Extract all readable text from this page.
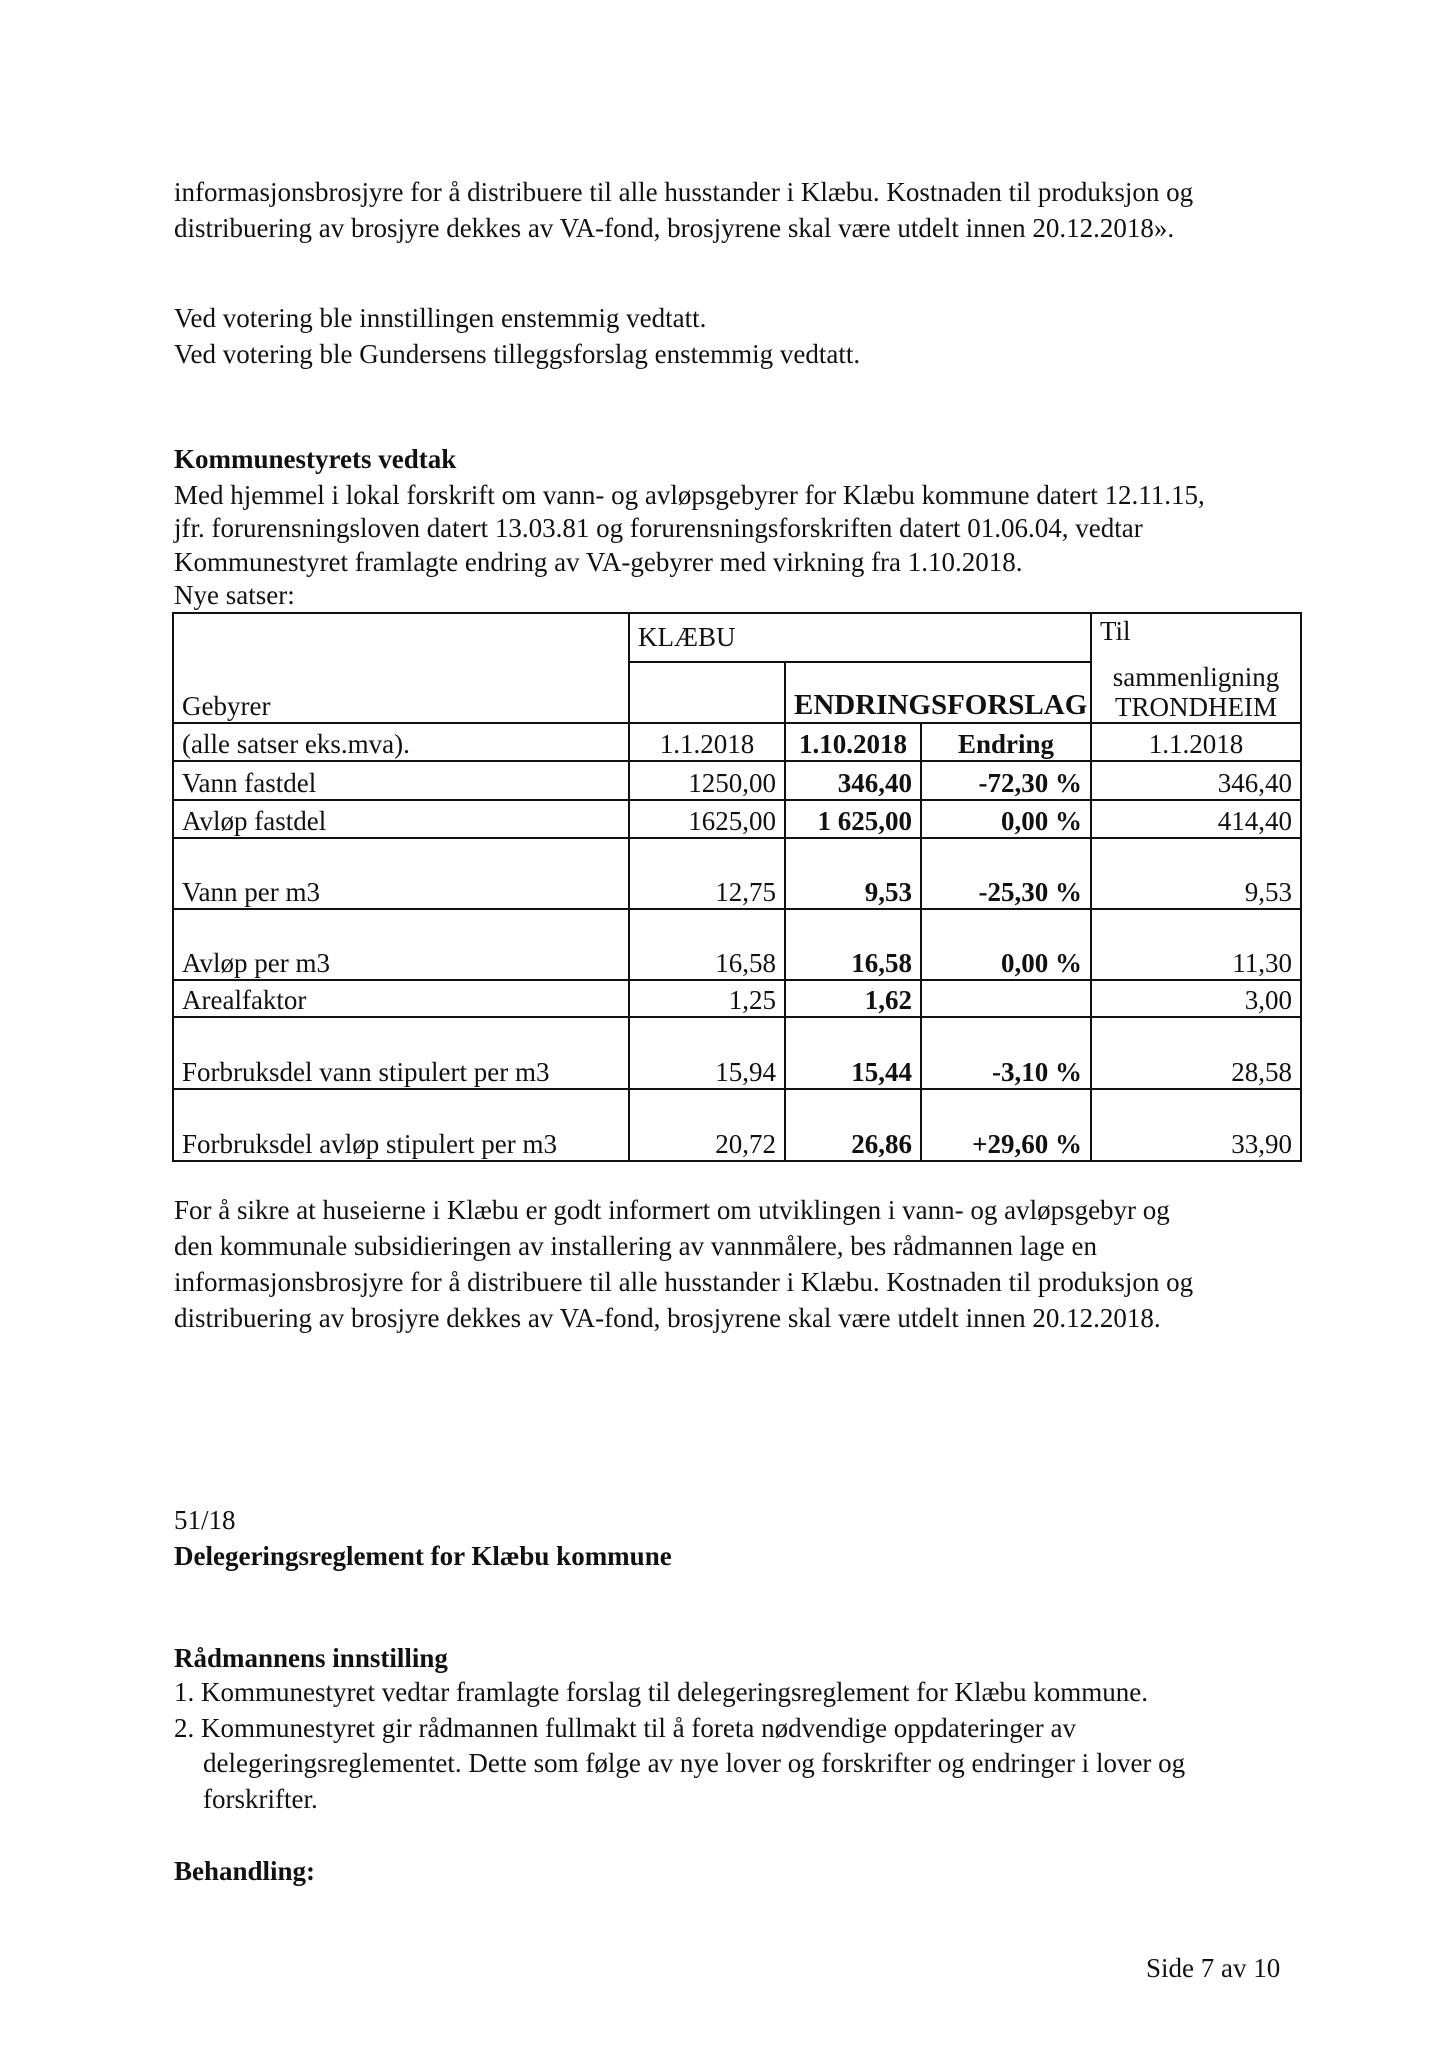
informasjonsbrosjyre for å distribuere til alle husstander i Klæbu. Kostnaden til produksjon og
distribuering av brosjyre dekkes av VA-fond, brosjyrene skal være utdelt innen 20.12.2018».
Ved votering ble innstillingen enstemmig vedtatt.
Ved votering ble Gundersens tilleggsforslag enstemmig vedtatt.
Kommunestyrets vedtak
Med hjemmel i lokal forskrift om vann- og avløpsgebyrer for Klæbu kommune datert 12.11.15,
jfr. forurensningsloven datert 13.03.81 og forurensningsforskriften datert 01.06.04, vedtar
Kommunestyret framlagte endring av VA-gebyrer med virkning fra 1.10.2018.
Nye satser:
	KLÆBU			Til
Gebyrer		ENDRINGSFORSLAG		sammenligning
TRONDHEIM

(alle satser eks.mva).	1.1.2018	1.10.2018	Endring	1.1.2018
Vann fastdel	1250,00	346,40	-72,30 %	346,40
Avløp fastdel	1625,00	1 625,00	0,00 %	414,40
Vann per m3	12,75	9,53	-25,30 %	9,53
Avløp per m3	16,58	16,58	0,00 %	11,30
Arealfaktor	1,25	1,62		3,00
Forbruksdel vann stipulert per m3	15,94	15,44	-3,10 %	28,58
Forbruksdel avløp stipulert per m3	20,72	26,86	+29,60 %	33,90
For å sikre at huseierne i Klæbu er godt informert om utviklingen i vann- og avløpsgebyr og
den kommunale subsidieringen av installering av vannmålere, bes rådmannen lage en
informasjonsbrosjyre for å distribuere til alle husstander i Klæbu. Kostnaden til produksjon og
distribuering av brosjyre dekkes av VA-fond, brosjyrene skal være utdelt innen 20.12.2018.
51/18
Delegeringsreglement for Klæbu kommune
Rådmannens innstilling
1. Kommunestyret vedtar framlagte forslag til delegeringsreglement for Klæbu kommune.
2. Kommunestyret gir rådmannen fullmakt til å foreta nødvendige oppdateringer av
delegeringsreglementet. Dette som følge av nye lover og forskrifter og endringer i lover og
forskrifter.
Behandling:
Side 7 av 10
